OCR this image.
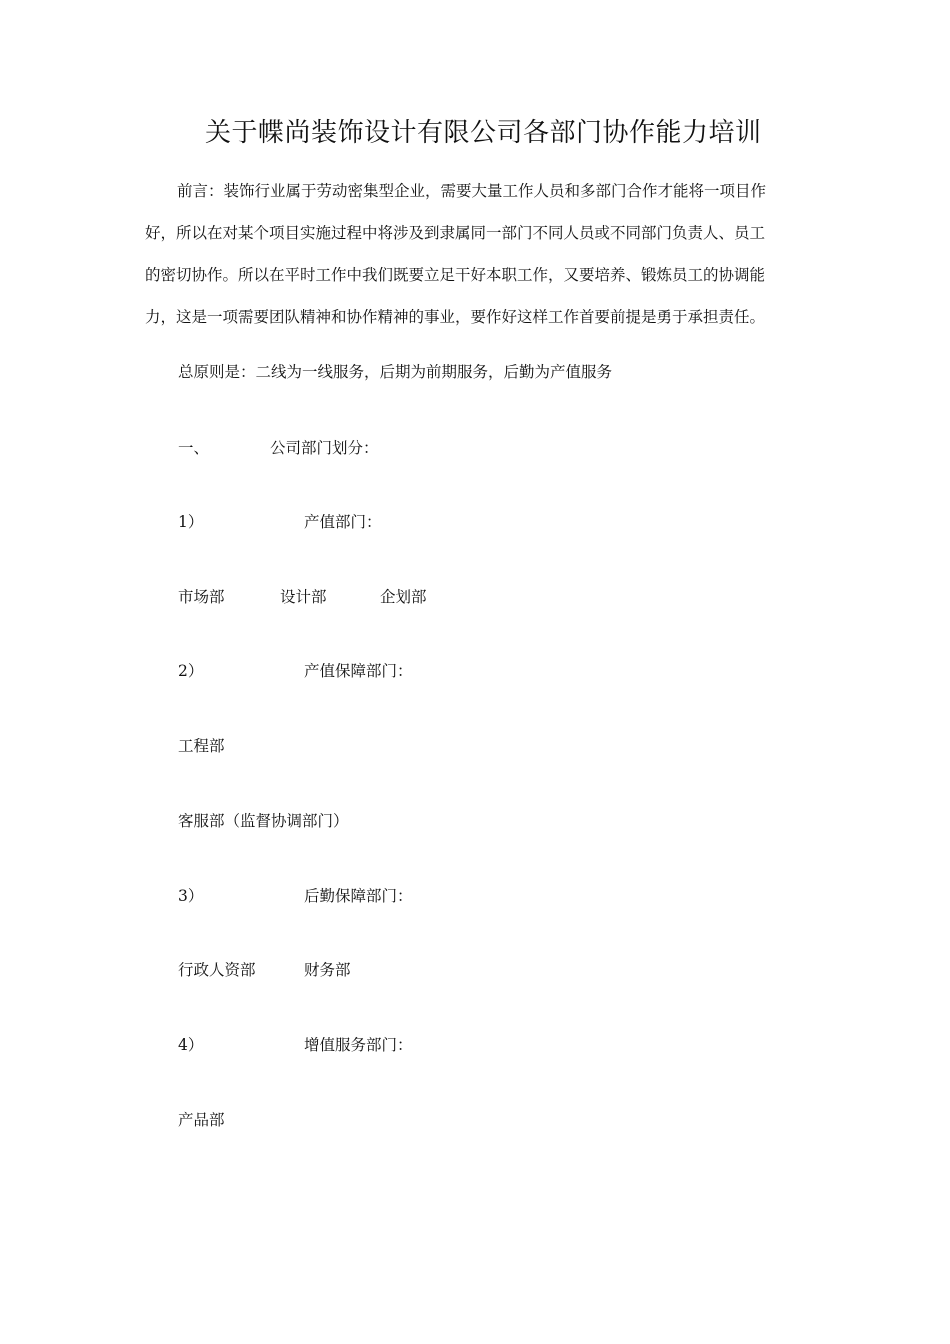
关于幉尚装饰设计有限公司各部门协作能力培训
前言：装饰行业属于劳动密集型企业，需要大量工作人员和多部门合作才能将一项目作
好，所以在对某个项目实施过程中将涉及到隶属同一部门不同人员或不同部门负责人、员工
的密切协作。所以在平时工作中我们既要立足干好本职工作，又要培养、锻炼员工的协调能
力，这是一项需要团队精神和协作精神的事业，要作好这样工作首要前提是勇于承担责任。
总原则是：二线为一线服务，后期为前期服务，后勤为产值服务
一、	公司部门划分：
1）	产值部门：
市场部	设计部	企划部
2）	产值保障部门：
工程部
客服部（监督协调部门）
3）	后勤保障部门：
行政人资部	财务部
4）	增值服务部门：
产品部
